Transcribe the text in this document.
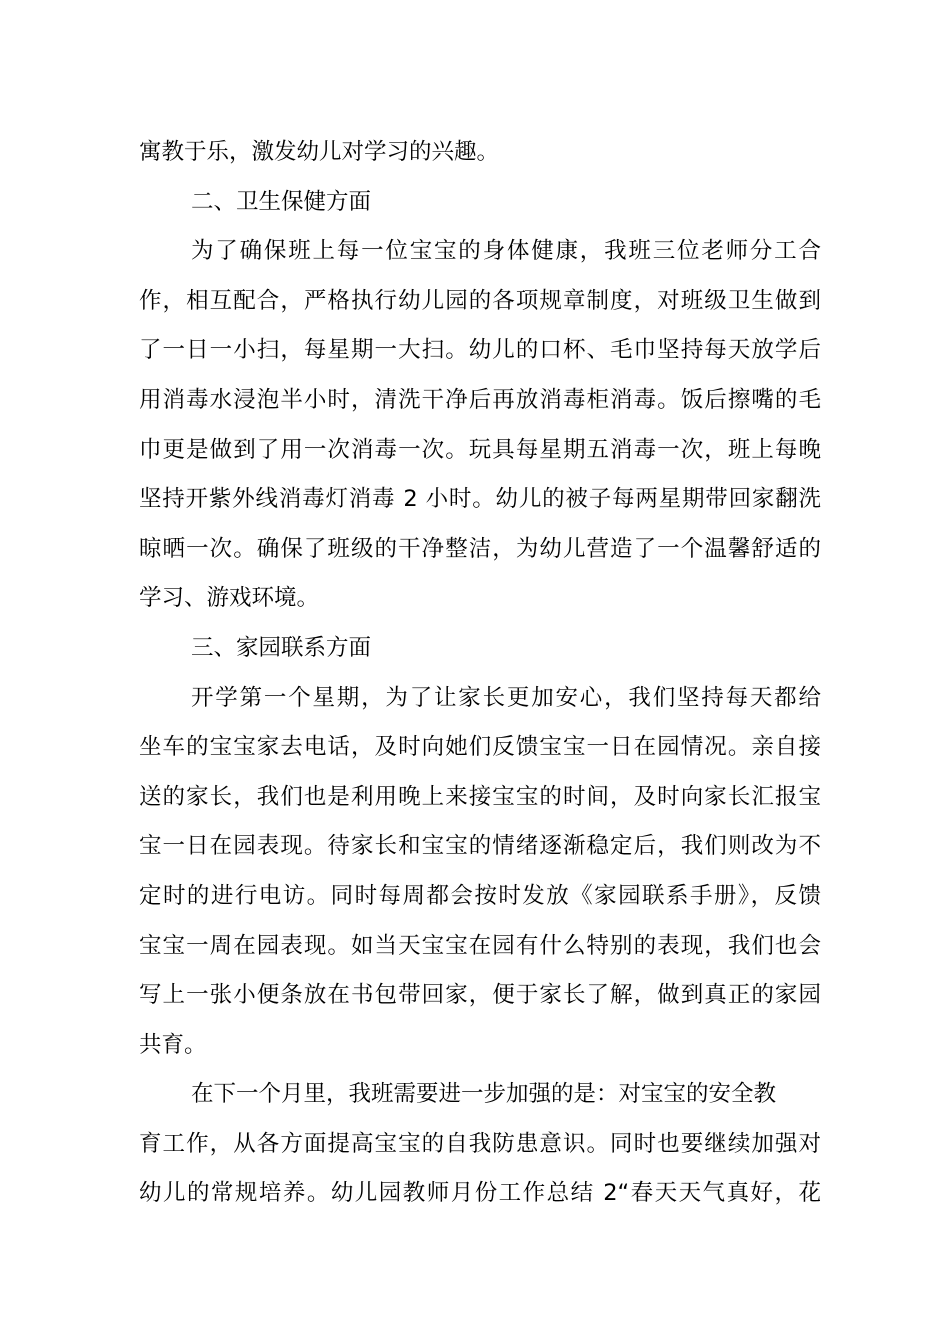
寓教于乐，激发幼儿对学习的兴趣。
二、卫生保健方面
为了确保班上每一位宝宝的身体健康，我班三位老师分工合
作，相互配合，严格执行幼儿园的各项规章制度，对班级卫生做到
了一日一小扫，每星期一大扫。幼儿的口杯、毛巾坚持每天放学后
用消毒水浸泡半小时，清洗干净后再放消毒柜消毒。饭后擦嘴的毛
巾更是做到了用一次消毒一次。玩具每星期五消毒一次，班上每晚
坚持开紫外线消毒灯消毒 2 小时。幼儿的被子每两星期带回家翻洗
晾晒一次。确保了班级的干净整洁，为幼儿营造了一个温馨舒适的
学习、游戏环境。
三、家园联系方面
开学第一个星期，为了让家长更加安心，我们坚持每天都给
坐车的宝宝家去电话，及时向她们反馈宝宝一日在园情况。亲自接
送的家长，我们也是利用晚上来接宝宝的时间，及时向家长汇报宝
宝一日在园表现。待家长和宝宝的情绪逐渐稳定后，我们则改为不
定时的进行电访。同时每周都会按时发放《家园联系手册》，反馈
宝宝一周在园表现。如当天宝宝在园有什么特别的表现，我们也会
写上一张小便条放在书包带回家，便于家长了解，做到真正的家园
共育。
在下一个月里，我班需要进一步加强的是：对宝宝的安全教
育工作，从各方面提高宝宝的自我防患意识。同时也要继续加强对
幼儿的常规培养。幼儿园教师月份工作总结 2“春天天气真好，花
